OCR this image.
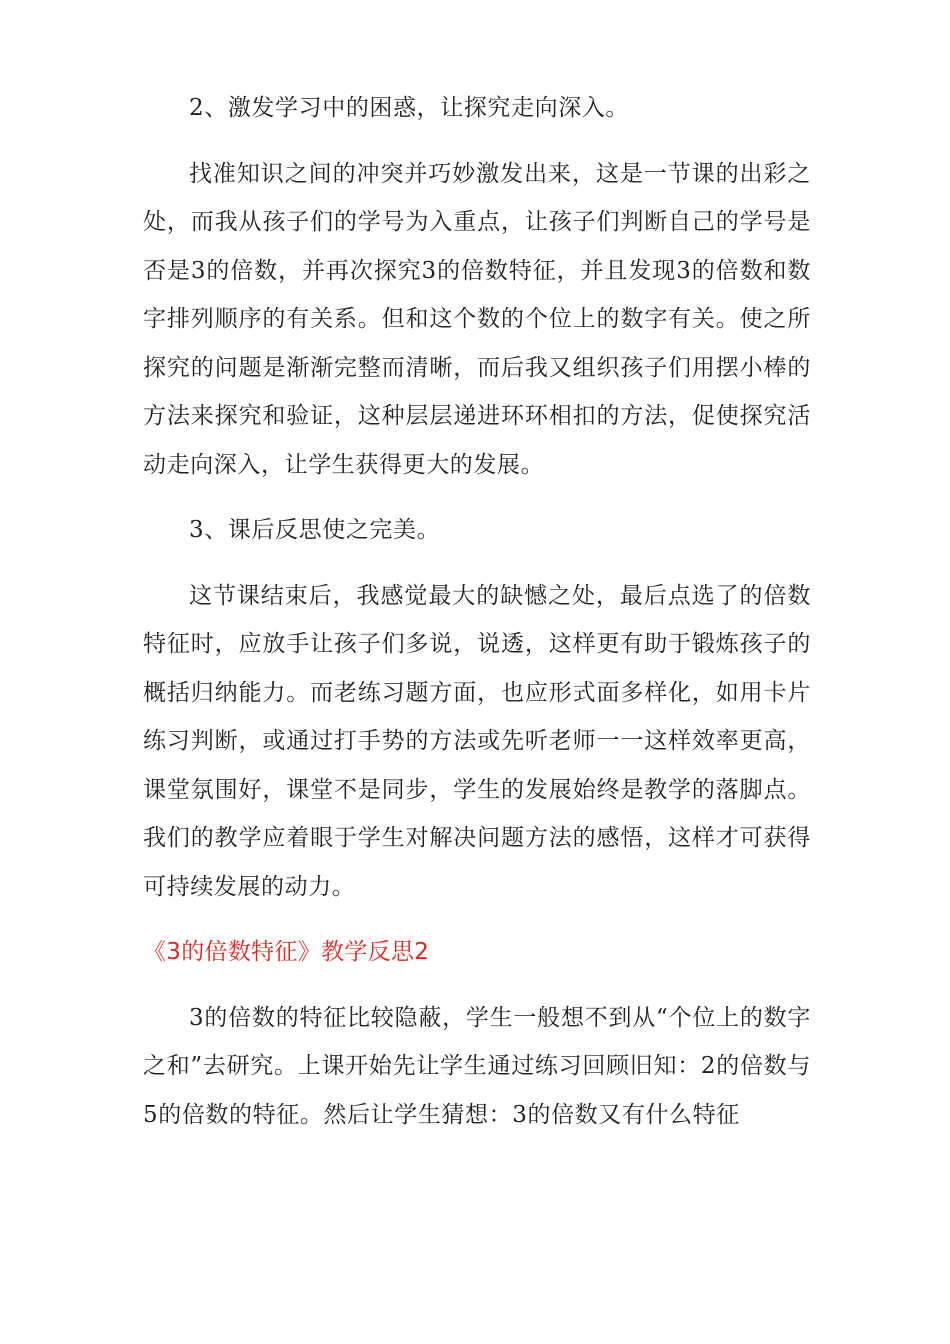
2、激发学习中的困惑，让探究走向深入。

找准知识之间的冲突并巧妙激发出来，这是一节课的出彩之处，而我从孩子们的学号为入重点，让孩子们判断自己的学号是否是3的倍数，并再次探究3的倍数特征，并且发现3的倍数和数字排列顺序的有关系。但和这个数的个位上的数字有关。使之所探究的问题是渐渐完整而清晰，而后我又组织孩子们用摆小棒的方法来探究和验证，这种层层递进环环相扣的方法，促使探究活动走向深入，让学生获得更大的发展。

3、课后反思使之完美。

这节课结束后，我感觉最大的缺憾之处，最后点选了的倍数特征时，应放手让孩子们多说，说透，这样更有助于锻炼孩子的概括归纳能力。而老练习题方面，也应形式面多样化，如用卡片练习判断，或通过打手势的方法或先听老师一一这样效率更高，课堂氛围好，课堂不是同步，学生的发展始终是教学的落脚点。我们的教学应着眼于学生对解决问题方法的感悟，这样才可获得可持续发展的动力。

《3的倍数特征》教学反思2

3的倍数的特征比较隐蔽，学生一般想不到从“个位上的数字之和”去研究。上课开始先让学生通过练习回顾旧知：2的倍数与5的倍数的特征。然后让学生猜想：3的倍数又有什么特征
